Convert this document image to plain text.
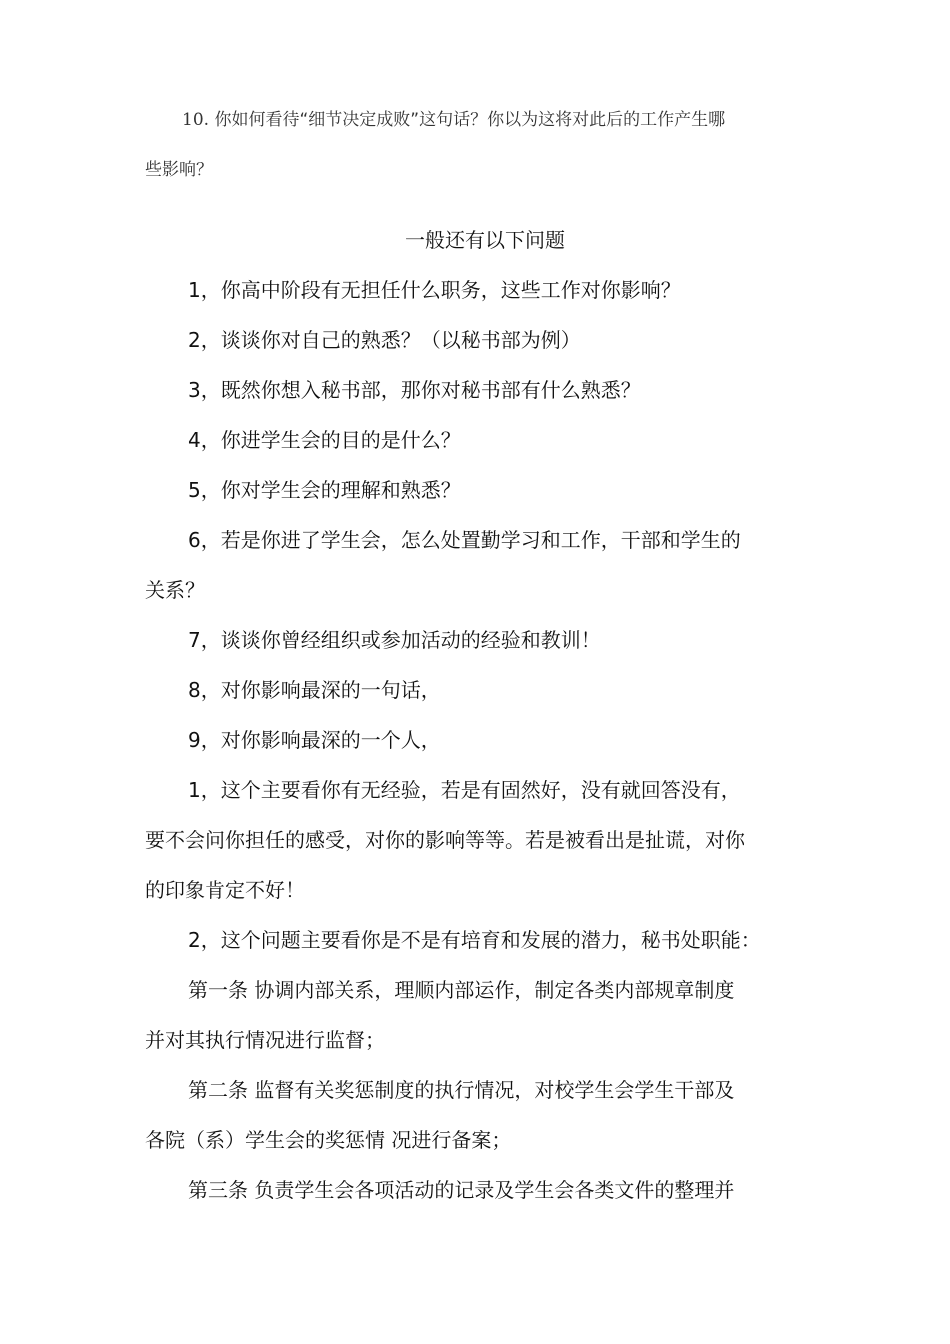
10. 你如何看待“细节决定成败”这句话？你以为这将对此后的工作产生哪
些影响？
一般还有以下问题
1，你高中阶段有无担任什么职务，这些工作对你影响？
2，谈谈你对自己的熟悉？（以秘书部为例）
3，既然你想入秘书部，那你对秘书部有什么熟悉？
4，你进学生会的目的是什么？
5，你对学生会的理解和熟悉？
6，若是你进了学生会，怎么处置勤学习和工作，干部和学生的
关系？
7，谈谈你曾经组织或参加活动的经验和教训！
8，对你影响最深的一句话，
9，对你影响最深的一个人，
1，这个主要看你有无经验，若是有固然好，没有就回答没有，
要不会问你担任的感受，对你的影响等等。若是被看出是扯谎，对你
的印象肯定不好！
2，这个问题主要看你是不是有培育和发展的潜力，秘书处职能：
第一条 协调内部关系，理顺内部运作，制定各类内部规章制度
并对其执行情况进行监督；
第二条 监督有关奖惩制度的执行情况，对校学生会学生干部及
各院（系）学生会的奖惩情 况进行备案；
第三条 负责学生会各项活动的记录及学生会各类文件的整理并
